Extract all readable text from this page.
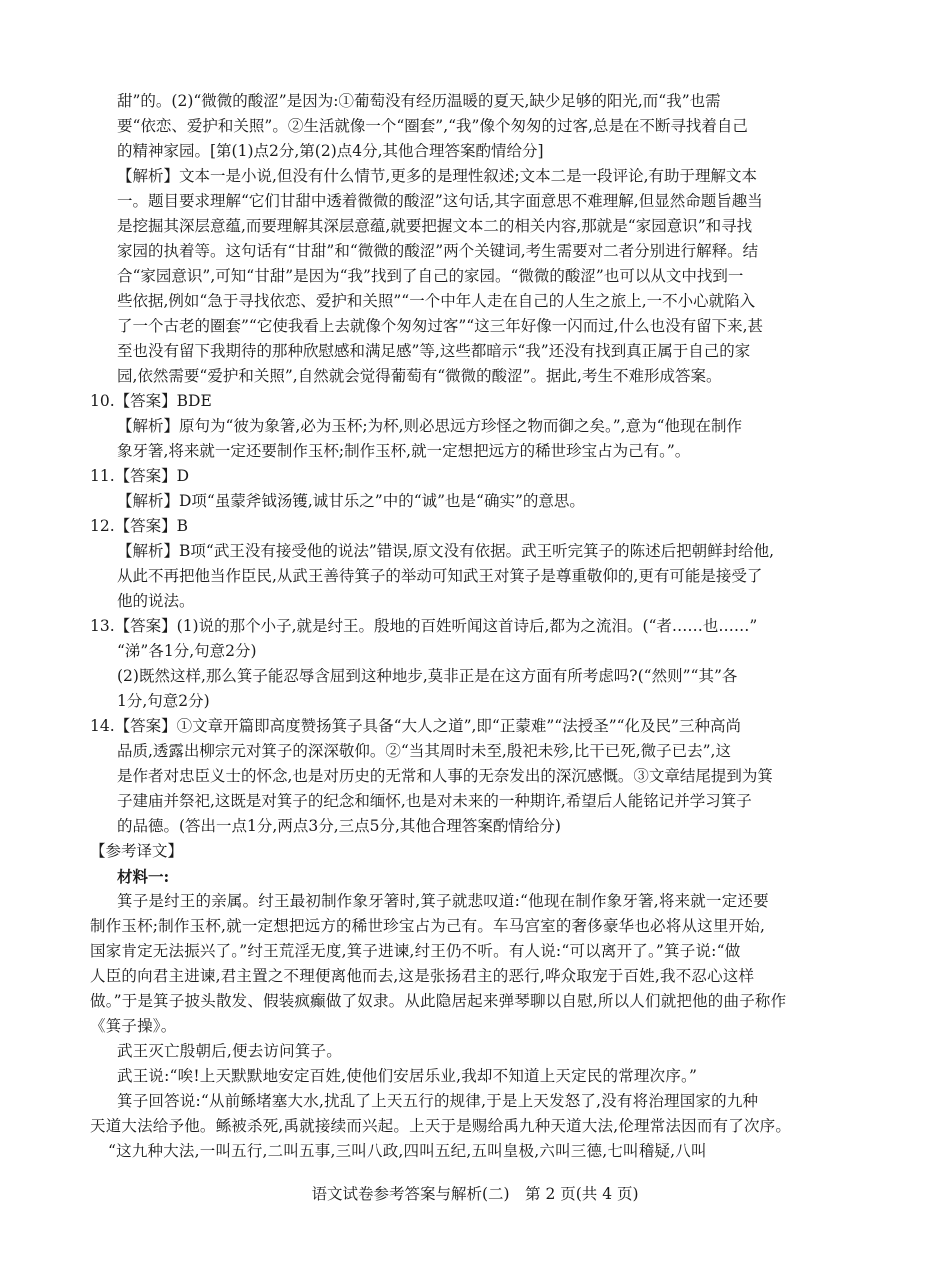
甜”的。(2)“微微的酸涩”是因为:①葡萄没有经历温暖的夏天,缺少足够的阳光,而“我”也需
要“依恋、爱护和关照”。②生活就像一个“圈套”,“我”像个匆匆的过客,总是在不断寻找着自己
的精神家园。[第(1)点2分,第(2)点4分,其他合理答案酌情给分]
【解析】文本一是小说,但没有什么情节,更多的是理性叙述;文本二是一段评论,有助于理解文本
一。题目要求理解“它们甘甜中透着微微的酸涩”这句话,其字面意思不难理解,但显然命题旨趣当
是挖掘其深层意蕴,而要理解其深层意蕴,就要把握文本二的相关内容,那就是“家园意识”和寻找
家园的执着等。这句话有“甘甜”和“微微的酸涩”两个关键词,考生需要对二者分别进行解释。结
合“家园意识”,可知“甘甜”是因为“我”找到了自己的家园。“微微的酸涩”也可以从文中找到一
些依据,例如“急于寻找依恋、爱护和关照”“一个中年人走在自己的人生之旅上,一不小心就陷入
了一个古老的圈套”“它使我看上去就像个匆匆过客”“这三年好像一闪而过,什么也没有留下来,甚
至也没有留下我期待的那种欣慰感和满足感”等,这些都暗示“我”还没有找到真正属于自己的家
园,依然需要“爱护和关照”,自然就会觉得葡萄有“微微的酸涩”。据此,考生不难形成答案。
10.【答案】BDE
【解析】原句为“彼为象箸,必为玉杯;为杯,则必思远方珍怪之物而御之矣。”,意为“他现在制作
象牙箸,将来就一定还要制作玉杯;制作玉杯,就一定想把远方的稀世珍宝占为己有。”。
11.【答案】D
【解析】D项“虽蒙斧钺汤镬,诚甘乐之”中的“诚”也是“确实”的意思。
12.【答案】B
【解析】B项“武王没有接受他的说法”错误,原文没有依据。武王听完箕子的陈述后把朝鲜封给他,
从此不再把他当作臣民,从武王善待箕子的举动可知武王对箕子是尊重敬仰的,更有可能是接受了
他的说法。
13.【答案】(1)说的那个小子,就是纣王。殷地的百姓听闻这首诗后,都为之流泪。(“者……也……”
“涕”各1分,句意2分)
(2)既然这样,那么箕子能忍辱含屈到这种地步,莫非正是在这方面有所考虑吗?(“然则”“其”各
1分,句意2分)
14.【答案】①文章开篇即高度赞扬箕子具备“大人之道”,即“正蒙难”“法授圣”“化及民”三种高尚
品质,透露出柳宗元对箕子的深深敬仰。②“当其周时未至,殷祀未殄,比干已死,微子已去”,这
是作者对忠臣义士的怀念,也是对历史的无常和人事的无奈发出的深沉感慨。③文章结尾提到为箕
子建庙并祭祀,这既是对箕子的纪念和缅怀,也是对未来的一种期许,希望后人能铭记并学习箕子
的品德。(答出一点1分,两点3分,三点5分,其他合理答案酌情给分)
【参考译文】
材料一:
箕子是纣王的亲属。纣王最初制作象牙箸时,箕子就悲叹道:“他现在制作象牙箸,将来就一定还要
制作玉杯;制作玉杯,就一定想把远方的稀世珍宝占为己有。车马宫室的奢侈豪华也必将从这里开始,
国家肯定无法振兴了。”纣王荒淫无度,箕子进谏,纣王仍不听。有人说:“可以离开了。”箕子说:“做
人臣的向君主进谏,君主置之不理便离他而去,这是张扬君主的恶行,哗众取宠于百姓,我不忍心这样
做。”于是箕子披头散发、假装疯癫做了奴隶。从此隐居起来弹琴聊以自慰,所以人们就把他的曲子称作
《箕子操》。
武王灭亡殷朝后,便去访问箕子。
武王说:“唉!上天默默地安定百姓,使他们安居乐业,我却不知道上天定民的常理次序。”
箕子回答说:“从前鲧堵塞大水,扰乱了上天五行的规律,于是上天发怒了,没有将治理国家的九种
天道大法给予他。鲧被杀死,禹就接续而兴起。上天于是赐给禹九种天道大法,伦理常法因而有了次序。
“这九种大法,一叫五行,二叫五事,三叫八政,四叫五纪,五叫皇极,六叫三德,七叫稽疑,八叫
语文试卷参考答案与解析(二)　第 2 页(共 4 页)
